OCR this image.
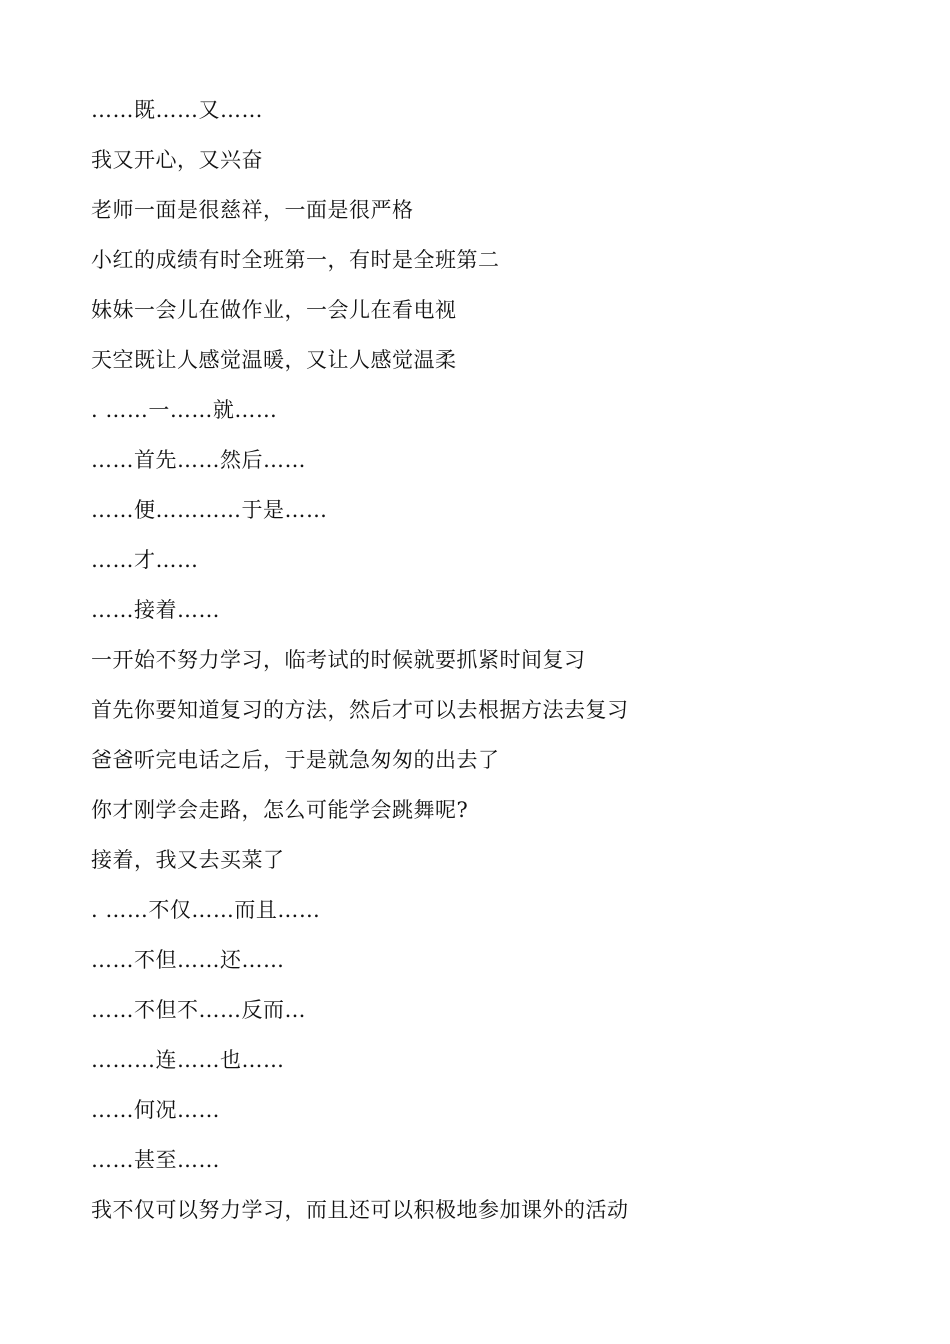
……既……又……
我又开心，又兴奋
老师一面是很慈祥，一面是很严格
小红的成绩有时全班第一，有时是全班第二
妹妹一会儿在做作业，一会儿在看电视
天空既让人感觉温暖，又让人感觉温柔
. ……一……就……
……首先……然后……
……便…………于是……
……才……
……接着……
一开始不努力学习，临考试的时候就要抓紧时间复习
首先你要知道复习的方法，然后才可以去根据方法去复习
爸爸听完电话之后，于是就急匆匆的出去了
你才刚学会走路，怎么可能学会跳舞呢?
接着，我又去买菜了
. ……不仅……而且……
……不但……还……
……不但不……反而…
………连……也……
……何况……
……甚至……
我不仅可以努力学习，而且还可以积极地参加课外的活动
